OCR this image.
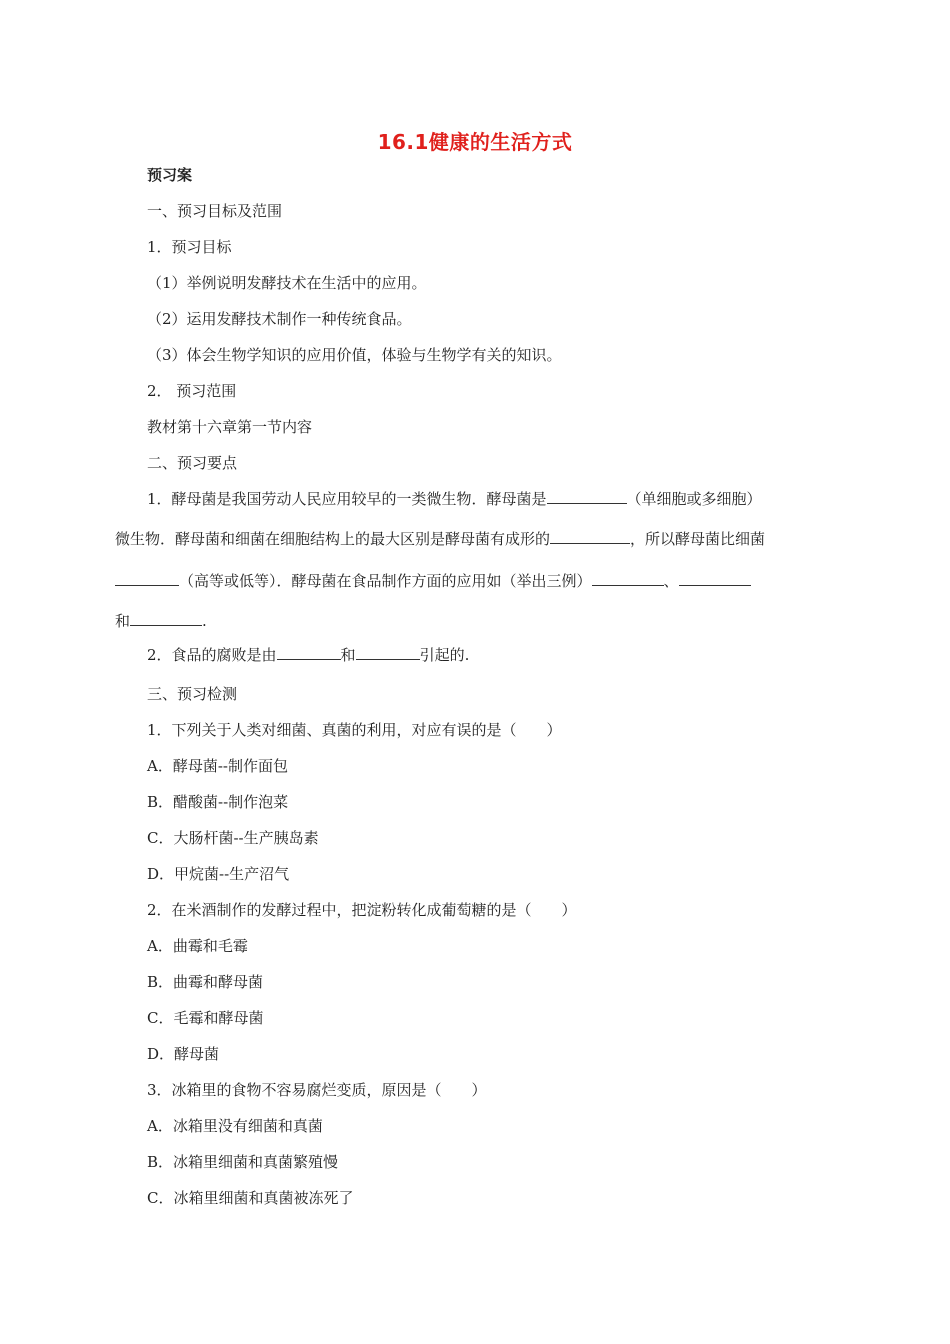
16.1健康的生活方式
预习案
一、预习目标及范围
1．预习目标
（1）举例说明发酵技术在生活中的应用。
（2）运用发酵技术制作一种传统食品。
（3）体会生物学知识的应用价值，体验与生物学有关的知识。
2． 预习范围
教材第十六章第一节内容
二、预习要点
1．酵母菌是我国劳动人民应用较早的一类微生物．酵母菌是	（单细胞或多细胞）
微生物．酵母菌和细菌在细胞结构上的最大区别是酵母菌有成形的	，所以酵母菌比细菌
（高等或低等）．酵母菌在食品制作方面的应用如（举出三例）	、
和	.
2．食品的腐败是由	和	引起的.
三、预习检测
1．下列关于人类对细菌、真菌的利用，对应有误的是（　　）
A．酵母菌--制作面包
B．醋酸菌--制作泡菜
C．大肠杆菌--生产胰岛素
D．甲烷菌--生产沼气
2．在米酒制作的发酵过程中，把淀粉转化成葡萄糖的是（　　）
A．曲霉和毛霉
B．曲霉和酵母菌
C．毛霉和酵母菌
D．酵母菌
3．冰箱里的食物不容易腐烂变质，原因是（　　）
A．冰箱里没有细菌和真菌
B．冰箱里细菌和真菌繁殖慢
C．冰箱里细菌和真菌被冻死了
